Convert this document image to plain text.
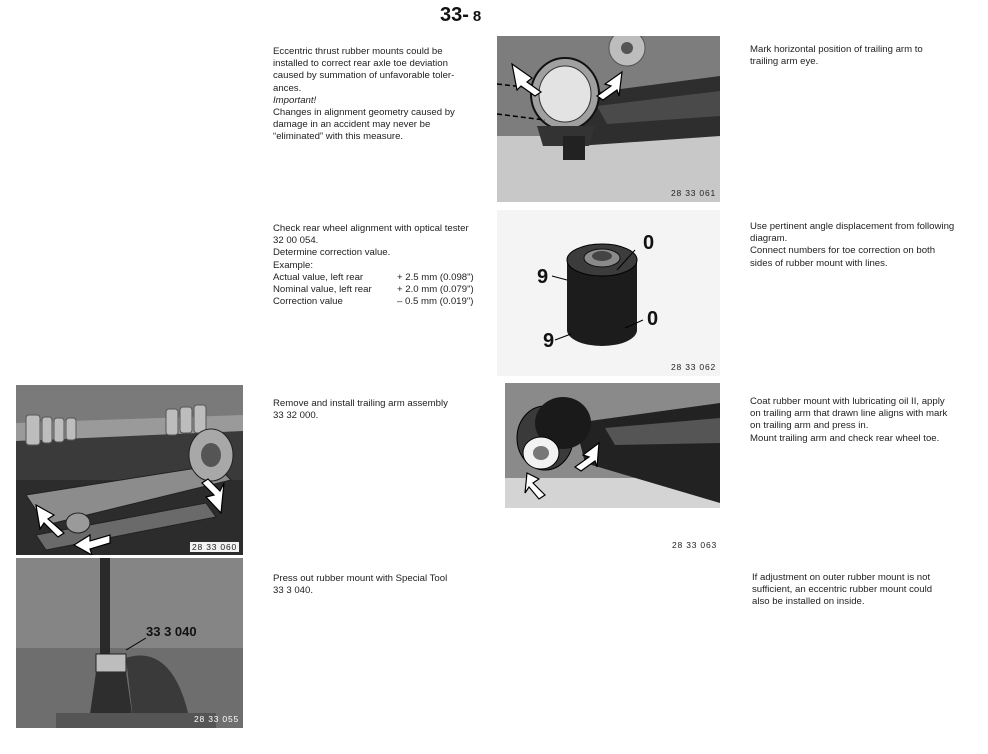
33- 8
Eccentric thrust rubber mounts could be
installed to correct rear axle toe deviation
caused by summation of unfavorable toler-
ances.
Important!
Changes in alignment geometry caused by
damage in an accident may never be
“eliminated” with this measure.
Check rear wheel alignment with optical tester
32 00 054.
Determine correction value.
Example:
Actual value, left rear	+ 2.5 mm (0.098")
Nominal value, left rear	+ 2.0 mm (0.079")
Correction value	– 0.5 mm (0.019")
Remove and install trailing arm assembly
33 32 000.
Press out rubber mount with Special Tool
33 3 040.
Mark horizontal position of trailing arm to
trailing arm eye.
Use pertinent angle displacement from following
diagram.
Connect numbers for toe correction on both
sides of rubber mount with lines.
Coat rubber mount with lubricating oil II, apply
on trailing arm that drawn line aligns with mark
on trailing arm and press in.
Mount trailing arm and check rear wheel toe.
If adjustment on outer rubber mount is not
sufficient, an eccentric rubber mount could
also be installed on inside.
28 33 060
33 3 040
28 33 055
28 33 061
0
9
0
9
28 33 062
28 33 063
